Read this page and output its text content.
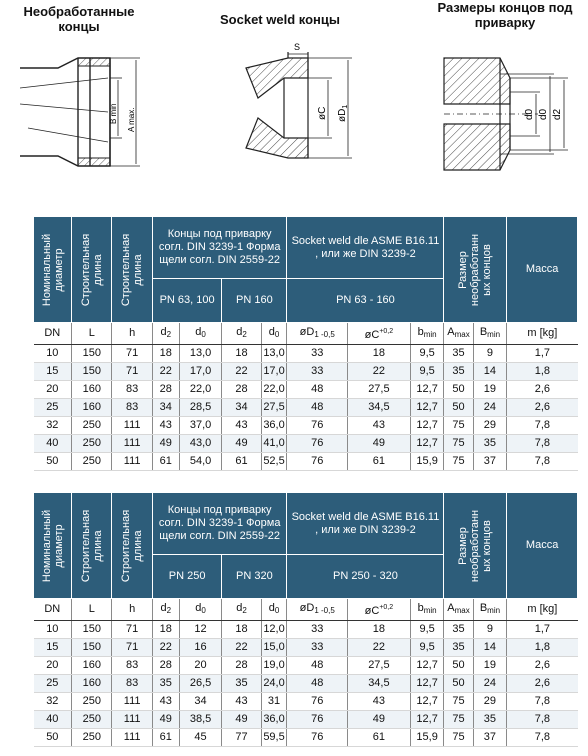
Необработанные
концы	Socket weld концы
Размеры концов под
приварку
B min A max.
S
øC $øD_1$
d0 d0 d2
Номинальный
диаметр	Строительная
длина	Строительная
длина	Концы под приварку согл. DIN 3239-1 Форма щели согл. DIN 2559-22				Socket weld dle ASME B16.11 , или же DIN 3239-2			Размер
необработанн
ых концов		Масса
			PN 63, 100		PN 160		PN 63 - 160					
DN	L	h	$d_2$	$d_0$	$d_2$	$d_0$	$øD_{1 -0,5}$	$øC^{+0,2}$	$b_{min}$	$A_{max}$	$B_{min}$	m [kg]
10	150	71	18	13,0	18	13,0	33	18	9,5	35	9	1,7
15	150	71	22	17,0	22	17,0	33	22	9,5	35	14	1,8
20	160	83	28	22,0	28	22,0	48	27,5	12,7	50	19	2,6
25	160	83	34	28,5	34	27,5	48	34,5	12,7	50	24	2,6
32	250	111	43	37,0	43	36,0	76	43	12,7	75	29	7,8
40	250	111	49	43,0	49	41,0	76	49	12,7	75	35	7,8
50	250	111	61	54,0	61	52,5	76	61	15,9	75	37	7,8
Номинальный
диаметр	Строительная
длина	Строительная
длина	Концы под приварку согл. DIN 3239-1 Форма щели согл. DIN 2559-22				Socket weld dle ASME B16.11 , или же DIN 3239-2			Размер
необработанн
ых концов		Масса
			PN 250		PN 320		PN 250 - 320					
DN	L	h	$d_2$	$d_0$	$d_2$	$d_0$	$øD_{1 -0,5}$	$øC^{+0,2}$	$b_{min}$	$A_{max}$	$B_{min}$	m [kg]
10	150	71	18	12	18	12,0	33	18	9,5	35	9	1,7
15	150	71	22	16	22	15,0	33	22	9,5	35	14	1,8
20	160	83	28	20	28	19,0	48	27,5	12,7	50	19	2,6
25	160	83	35	26,5	35	24,0	48	34,5	12,7	50	24	2,6
32	250	111	43	34	43	31	76	43	12,7	75	29	7,8
40	250	111	49	38,5	49	36,0	76	49	12,7	75	35	7,8
50	250	111	61	45	77	59,5	76	61	15,9	75	37	7,8
